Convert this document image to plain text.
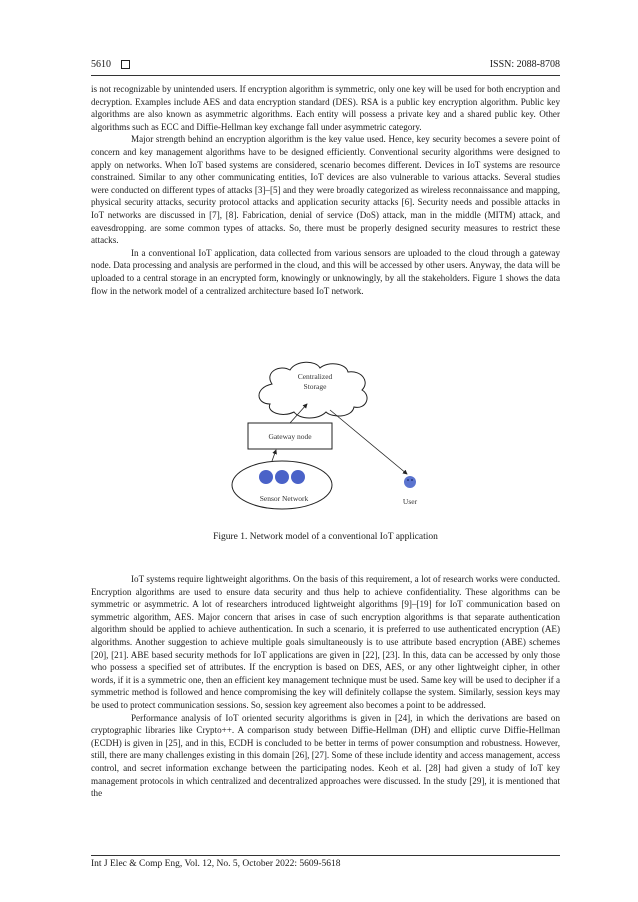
5610	ISSN: 2088-8708

is not recognizable by unintended users. If encryption algorithm is symmetric, only one key will be used for both encryption and decryption. Examples include AES and data encryption standard (DES). RSA is a public key encryption algorithm. Public key algorithms are also known as asymmetric algorithms. Each entity will possess a private key and a shared public key. Other algorithms such as ECC and Diffie-Hellman key exchange fall under asymmetric category.

Major strength behind an encryption algorithm is the key value used. Hence, key security becomes a severe point of concern and key management algorithms have to be designed efficiently. Conventional security algorithms were designed to apply on networks. When IoT based systems are considered, scenario becomes different. Devices in IoT systems are resource constrained. Similar to any other communicating entities, IoT devices are also vulnerable to various attacks. Several studies were conducted on different types of attacks [3]–[5] and they were broadly categorized as wireless reconnaissance and mapping, physical security attacks, security protocol attacks and application security attacks [6]. Security needs and possible attacks in IoT networks are discussed in [7], [8]. Fabrication, denial of service (DoS) attack, man in the middle (MITM) attack, and eavesdropping. are some common types of attacks. So, there must be properly designed security measures to restrict these attacks.

In a conventional IoT application, data collected from various sensors are uploaded to the cloud through a gateway node. Data processing and analysis are performed in the cloud, and this will be accessed by other users. Anyway, the data will be uploaded to a central storage in an encrypted form, knowingly or unknowingly, by all the stakeholders. Figure 1 shows the data flow in the network model of a centralized architecture based IoT network.

Centralized
Storage
Gateway node
Sensor Network	User
Figure 1. Network model of a conventional IoT application

IoT systems require lightweight algorithms. On the basis of this requirement, a lot of research works were conducted. Encryption algorithms are used to ensure data security and thus help to achieve confidentiality. These algorithms can be symmetric or asymmetric. A lot of researchers introduced lightweight algorithms [9]–[19] for IoT communication based on symmetric algorithm, AES. Major concern that arises in case of such encryption algorithms is that separate authentication algorithm should be applied to achieve authentication. In such a scenario, it is preferred to use authenticated encryption (AE) algorithms. Another suggestion to achieve multiple goals simultaneously is to use attribute based encryption (ABE) schemes [20], [21]. ABE based security methods for IoT applications are given in [22], [23]. In this, data can be accessed by only those who possess a specified set of attributes. If the encryption is based on DES, AES, or any other lightweight cipher, in other words, if it is a symmetric one, then an efficient key management technique must be used. Same key will be used to decipher if a symmetric method is followed and hence compromising the key will definitely collapse the system. Similarly, session keys may be used to protect communication sessions. So, session key agreement also becomes a point to be addressed.

Performance analysis of IoT oriented security algorithms is given in [24], in which the derivations are based on cryptographic libraries like Crypto++. A comparison study between Diffie-Hellman (DH) and elliptic curve Diffie-Hellman (ECDH) is given in [25], and in this, ECDH is concluded to be better in terms of power consumption and robustness. However, still, there are many challenges existing in this domain [26], [27]. Some of these include identity and access management, access control, and secret information exchange between the participating nodes. Keoh et al. [28] had given a study of IoT key management protocols in which centralized and decentralized approaches were discussed. In the study [29], it is mentioned that the

Int J Elec & Comp Eng, Vol. 12, No. 5, October 2022: 5609-5618
